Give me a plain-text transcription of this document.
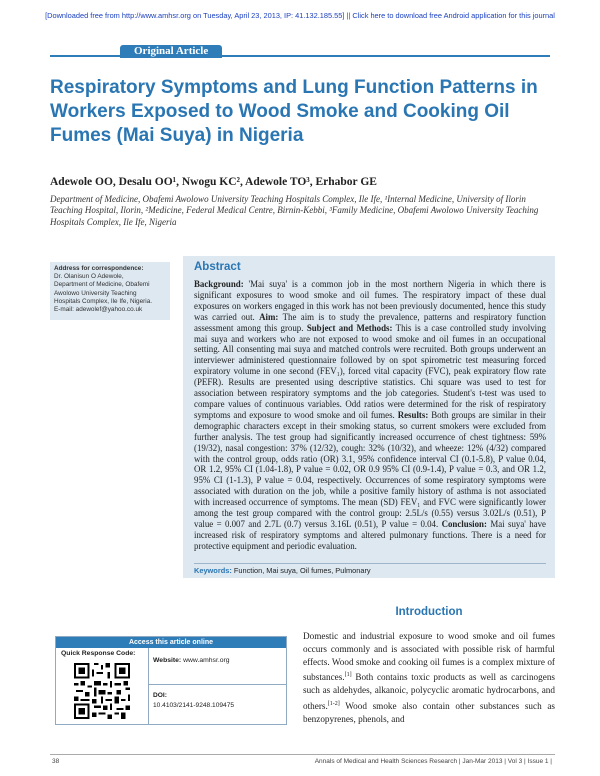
[Downloaded free from http://www.amhsr.org on Tuesday, April 23, 2013, IP: 41.132.185.55] || Click here to download free Android application for this journal
Original Article
Respiratory Symptoms and Lung Function Patterns in Workers Exposed to Wood Smoke and Cooking Oil Fumes (Mai Suya) in Nigeria
Adewole OO, Desalu OO¹, Nwogu KC², Adewole TO³, Erhabor GE
Department of Medicine, Obafemi Awolowo University Teaching Hospitals Complex, Ile Ife, ¹Internal Medicine, University of Ilorin Teaching Hospital, Ilorin, ²Medicine, Federal Medical Centre, Birnin-Kebbi, ³Family Medicine, Obafemi Awolowo University Teaching Hospitals Complex, Ile Ife, Nigeria
Address for correspondence:
Dr. Olanisun O Adewole,
Department of Medicine, Obafemi
Awolowo University Teaching
Hospitals Complex, Ile Ife, Nigeria.
E-mail: adewolef@yahoo.co.uk
Abstract

Background: 'Mai suya' is a common job in the most northern Nigeria in which there is significant exposures to wood smoke and oil fumes. The respiratory impact of these dual exposures on workers engaged in this work has not been previously documented, hence this study was carried out. Aim: The aim is to study the prevalence, patterns and respiratory function assessment among this group. Subject and Methods: This is a case controlled study involving mai suya and workers who are not exposed to wood smoke and oil fumes in an occupational setting. All consenting mai suya and matched controls were recruited. Both groups underwent an interviewer administered questionnaire followed by on spot spirometric test measuring forced expiratory volume in one second (FEV₁), forced vital capacity (FVC), peak expiratory flow rate (PEFR). Results are presented using descriptive statistics. Chi square was used to test for association between respiratory symptoms and the job categories. Student's t-test was used to compare values of continuous variables. Odd ratios were determined for the risk of respiratory symptoms and exposure to wood smoke and oil fumes. Results: Both groups are similar in their demographic characters except in their smoking status, so current smokers were excluded from further analysis. The test group had significantly increased occurrence of chest tightness: 59% (19/32), nasal congestion: 37% (12/32), cough: 32% (10/32), and wheeze: 12% (4/32) compared with the control group, odds ratio (OR) 3.1, 95% confidence interval CI (0.1-5.8), P value 0.04, OR 1.2, 95% CI (1.04-1.8), P value = 0.02, OR 0.9 95% CI (0.9-1.4), P value = 0.3, and OR 1.2, 95% CI (1-1.3), P value = 0.04, respectively. Occurrences of some respiratory symptoms were associated with duration on the job, while a positive family history of asthma is not associated with increased occurrence of symptoms. The mean (SD) FEV₁ and FVC were significantly lower among the test group compared with the control group: 2.5L/s (0.55) versus 3.02L/s (0.51), P value = 0.007 and 2.7L (0.7) versus 3.16L (0.51), P value = 0.04. Conclusion: Mai suya' have increased risk of respiratory symptoms and altered pulmonary functions. There is a need for protective equipment and periodic evaluation.

Keywords: Function, Mai suya, Oil fumes, Pulmonary
Access this article online
Quick Response Code:
Website: www.amhsr.org
DOI:
10.4103/2141-9248.109475
Introduction

Domestic and industrial exposure to wood smoke and oil fumes occurs commonly and is associated with possible risk of harmful effects. Wood smoke and cooking oil fumes is a complex mixture of substances.[1] Both contains toxic products as well as carcinogens such as aldehydes, alkanoic, polycyclic aromatic hydrocarbons, and others.[1-2] Wood smoke also contain other substances such as benzopyrenes, phenols, and

38	Annals of Medical and Health Sciences Research | Jan-Mar 2013 | Vol 3 | Issue 1 |
